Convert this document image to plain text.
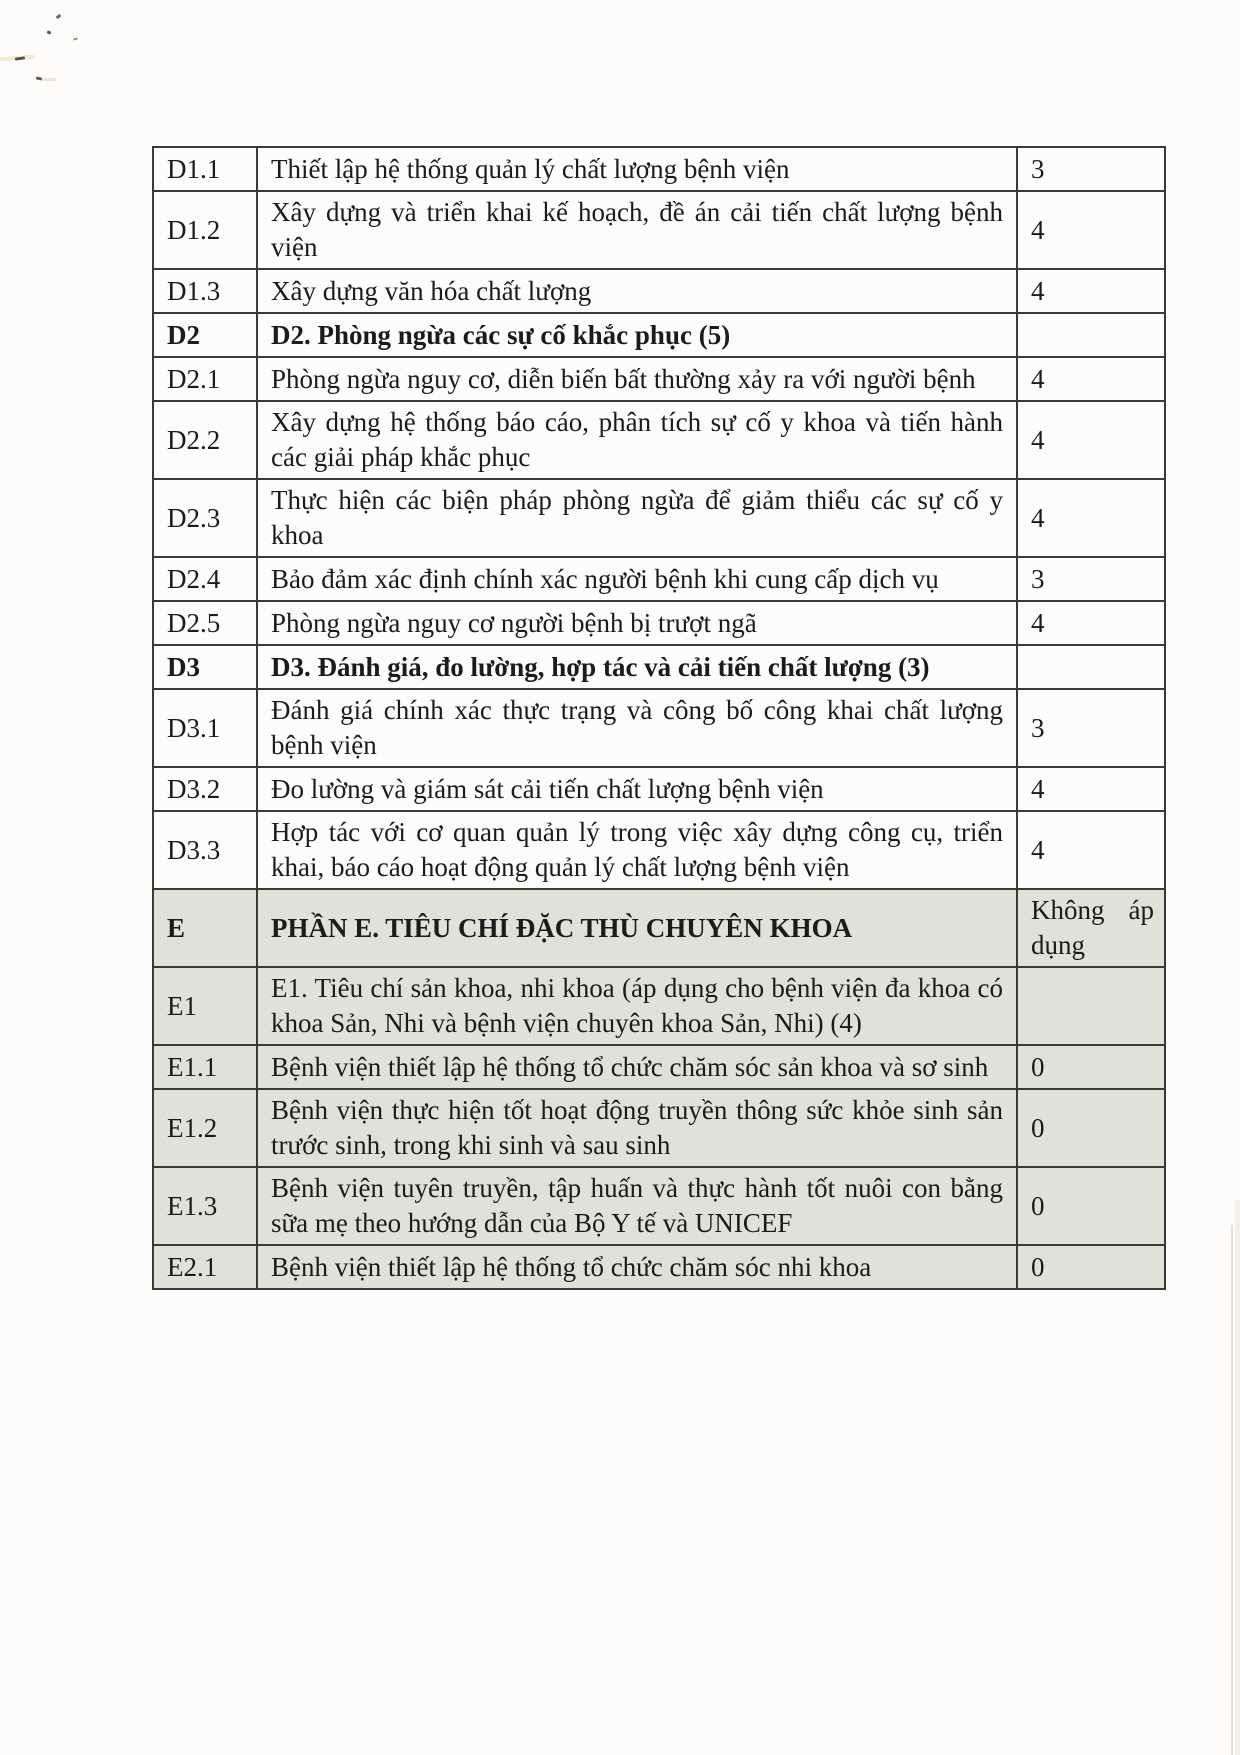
D1.1	Thiết lập hệ thống quản lý chất lượng bệnh viện	3
D1.2	Xây dựng và triển khai kế hoạch, đề án cải tiến chất lượng bệnh viện	4
D1.3	Xây dựng văn hóa chất lượng	4
D2	D2. Phòng ngừa các sự cố khắc phục (5)	
D2.1	Phòng ngừa nguy cơ, diễn biến bất thường xảy ra với người bệnh	4
D2.2	Xây dựng hệ thống báo cáo, phân tích sự cố y khoa và tiến hành các giải pháp khắc phục	4
D2.3	Thực hiện các biện pháp phòng ngừa để giảm thiểu các sự cố y khoa	4
D2.4	Bảo đảm xác định chính xác người bệnh khi cung cấp dịch vụ	3
D2.5	Phòng ngừa nguy cơ người bệnh bị trượt ngã	4
D3	D3. Đánh giá, đo lường, hợp tác và cải tiến chất lượng (3)	
D3.1	Đánh giá chính xác thực trạng và công bố công khai chất lượng bệnh viện	3
D3.2	Đo lường và giám sát cải tiến chất lượng bệnh viện	4
D3.3	Hợp tác với cơ quan quản lý trong việc xây dựng công cụ, triển khai, báo cáo hoạt động quản lý chất lượng bệnh viện	4
E	PHẦN E. TIÊU CHÍ ĐẶC THÙ CHUYÊN KHOA	Không áp dụng
E1	E1. Tiêu chí sản khoa, nhi khoa (áp dụng cho bệnh viện đa khoa có khoa Sản, Nhi và bệnh viện chuyên khoa Sản, Nhi) (4)	
E1.1	Bệnh viện thiết lập hệ thống tổ chức chăm sóc sản khoa và sơ sinh	0
E1.2	Bệnh viện thực hiện tốt hoạt động truyền thông sức khỏe sinh sản trước sinh, trong khi sinh và sau sinh	0
E1.3	Bệnh viện tuyên truyền, tập huấn và thực hành tốt nuôi con bằng sữa mẹ theo hướng dẫn của Bộ Y tế và UNICEF	0
E2.1	Bệnh viện thiết lập hệ thống tổ chức chăm sóc nhi khoa	0
